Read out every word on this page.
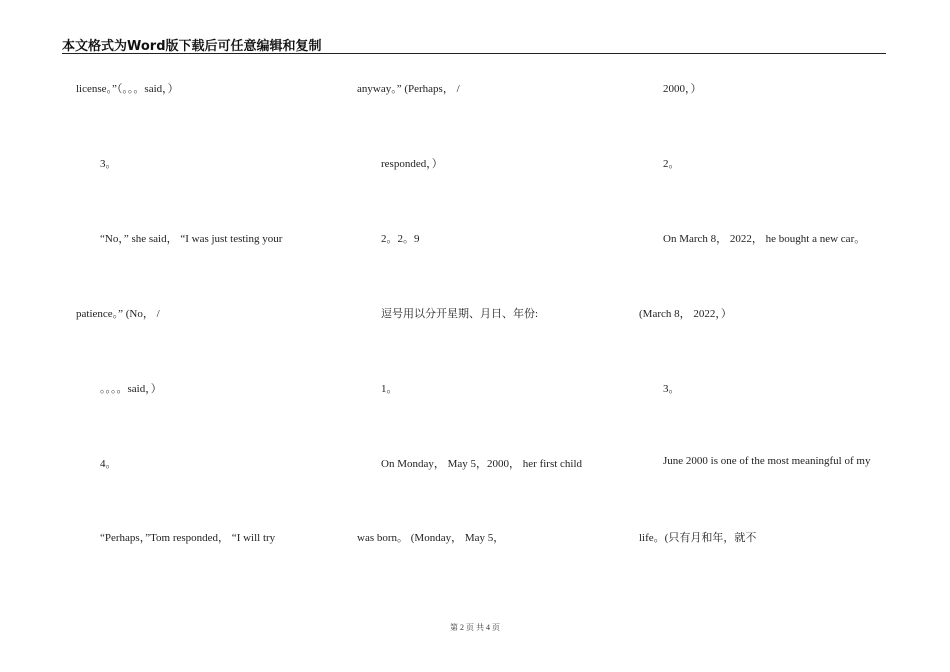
本文格式为Word版下载后可任意编辑和复制
license。”（。。。said，）
3。
“No，” she said， “I was just testing your
patience。” (No， /
。。。。said，）
4。
“Perhaps，”Tom responded， “I will try
anyway。” (Perhaps， /
responded，）
2。2。9
逗号用以分开星期、月日、年份:
1。
On Monday， May 5，2000， her first child
was born。 (Monday， May 5，
2000，）
2。
On March 8， 2022， he bought a new car。
(March 8， 2022，）
3。
June 2000 is one of the most meaningful of my
life。(只有月和年，就不
第 2 页 共 4 页
